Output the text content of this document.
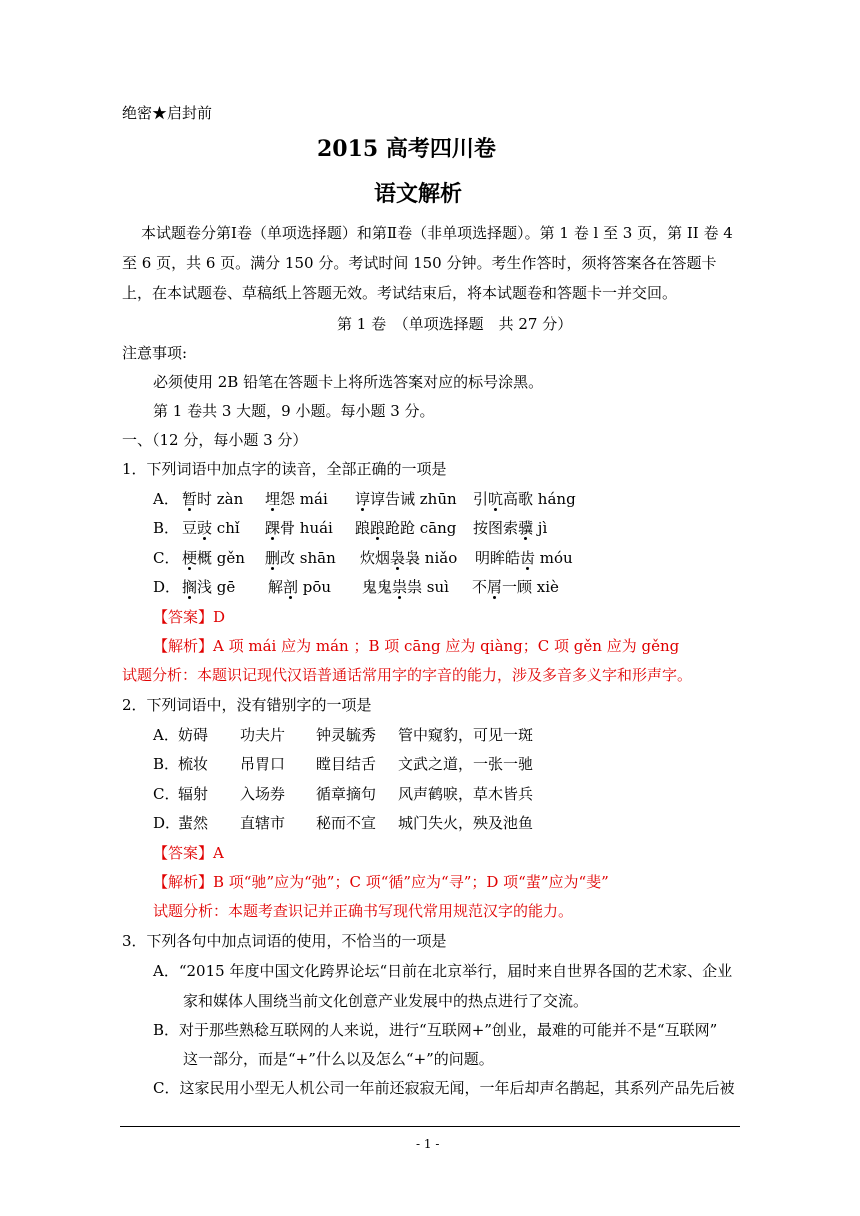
绝密★启封前
2015 高考四川卷
语文解析
本试题卷分第Ⅰ卷（单项选择题）和第Ⅱ卷（非单项选择题）。第 1 卷 l 至 3 页，第 II 卷 4
至 6 页，共 6 页。满分 150 分。考试时间 150 分钟。考生作答时，须将答案各在答题卡
上，在本试题卷、草稿纸上答题无效。考试结束后，将本试题卷和答题卡一并交回。
第 1 卷　（单项选择题　共 27 分）
注意事项:
必须使用 2B 铅笔在答题卡上将所选答案对应的标号涂黑。
第 1 卷共 3 大题，9 小题。每小题 3 分。
一、（12 分，每小题 3 分）
1．下列词语中加点字的读音，全部正确的一项是
A． 暂时 zàn 埋怨 mái 谆谆告诫 zhūn 引吭高歌 háng
B． 豆豉 chǐ 踝骨 huái 踉踉跄跄 cāng 按图索骥 jì
C． 梗概 gěn 删改 shān 炊烟袅袅 niǎo 明眸皓齿 móu
D． 搁浅 gē 解剖 pōu 鬼鬼祟祟 suì 不屑一顾 xiè
【答案】D
【解析】A 项 mái 应为 mán ；B 项 cāng 应为 qiàng；C 项 gěn 应为 gěng
试题分析：本题识记现代汉语普通话常用字的字音的能力，涉及多音多义字和形声字。
2．下列词语中，没有错别字的一项是
A． 妨碍 功夫片 钟灵毓秀 管中窥豹，可见一斑
B．
梳妆 吊胃口 瞠目结舌 文武之道，一张一驰
C．
辐射 入场券 循章摘句 风声鹤唳，草木皆兵
D．
蜚然 直辖市 秘而不宣 城门失火，殃及池鱼
【答案】A
【解析】B 项“驰”应为“弛”；C 项“循”应为“寻”；D 项“蜚”应为“斐”
试题分析：本题考查识记并正确书写现代常用规范汉字的能力。
3．下列各句中加点词语的使用，不恰当的一项是
A．“2015 年度中国文化跨界论坛“日前在北京举行，届时来自世界各国的艺术家、企业
家和媒体人围绕当前文化创意产业发展中的热点进行了交流。
B．对于那些熟稔互联网的人来说，进行“互联网+”创业，最难的可能并不是“互联网”
这一部分，而是“+”什么以及怎么“+”的问题。
C．这家民用小型无人机公司一年前还寂寂无闻，一年后却声名鹊起，其系列产品先后被
- 1 -
